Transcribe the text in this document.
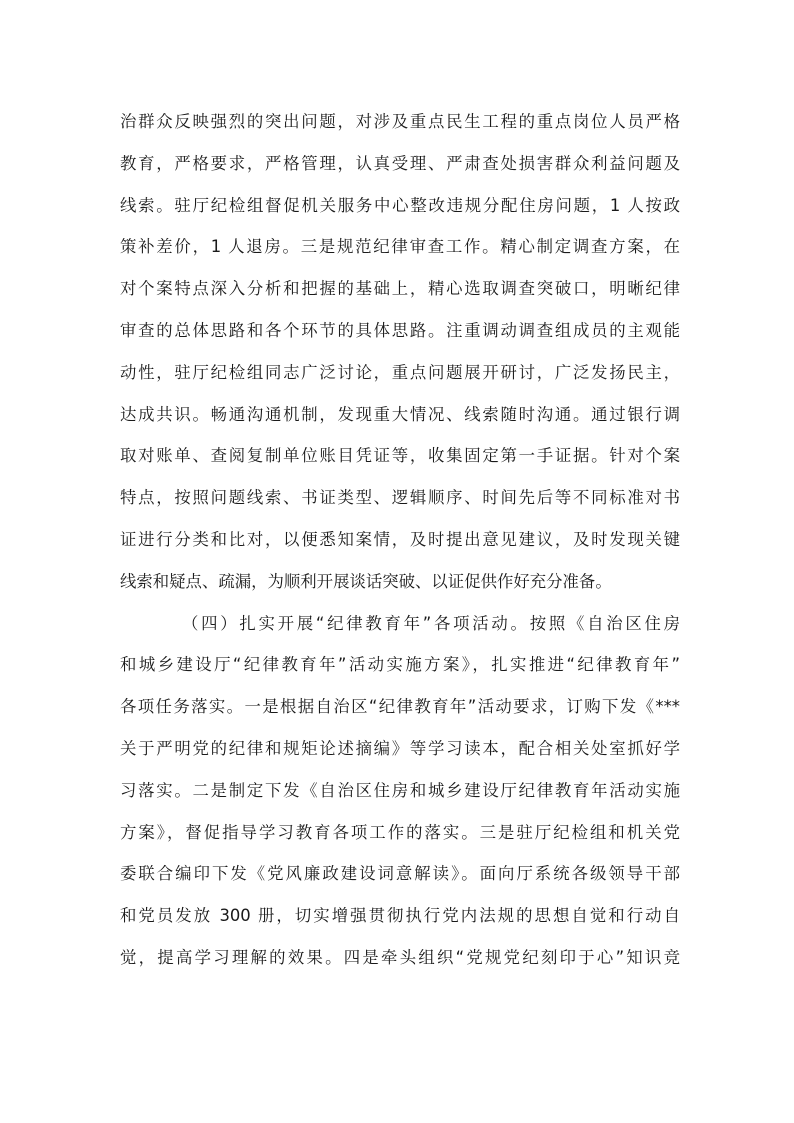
治群众反映强烈的突出问题，对涉及重点民生工程的重点岗位人员严格
教育，严格要求，严格管理，认真受理、严肃查处损害群众利益问题及
线索。驻厅纪检组督促机关服务中心整改违规分配住房问题，1 人按政
策补差价，1 人退房。三是规范纪律审查工作。精心制定调查方案，在
对个案特点深入分析和把握的基础上，精心选取调查突破口，明晰纪律
审查的总体思路和各个环节的具体思路。注重调动调查组成员的主观能
动性，驻厅纪检组同志广泛讨论，重点问题展开研讨，广泛发扬民主，
达成共识。畅通沟通机制，发现重大情况、线索随时沟通。通过银行调
取对账单、查阅复制单位账目凭证等，收集固定第一手证据。针对个案
特点，按照问题线索、书证类型、逻辑顺序、时间先后等不同标准对书
证进行分类和比对，以便悉知案情，及时提出意见建议，及时发现关键
线索和疑点、疏漏，为顺利开展谈话突破、以证促供作好充分准备。
（四）扎实开展“纪律教育年”各项活动。按照《自治区住房
和城乡建设厅“纪律教育年”活动实施方案》，扎实推进“纪律教育年”
各项任务落实。一是根据自治区“纪律教育年”活动要求，订购下发《***
关于严明党的纪律和规矩论述摘编》等学习读本，配合相关处室抓好学
习落实。二是制定下发《自治区住房和城乡建设厅纪律教育年活动实施
方案》，督促指导学习教育各项工作的落实。三是驻厅纪检组和机关党
委联合编印下发《党风廉政建设词意解读》。面向厅系统各级领导干部
和党员发放 300 册，切实增强贯彻执行党内法规的思想自觉和行动自
觉，提高学习理解的效果。四是牵头组织“党规党纪刻印于心”知识竞
